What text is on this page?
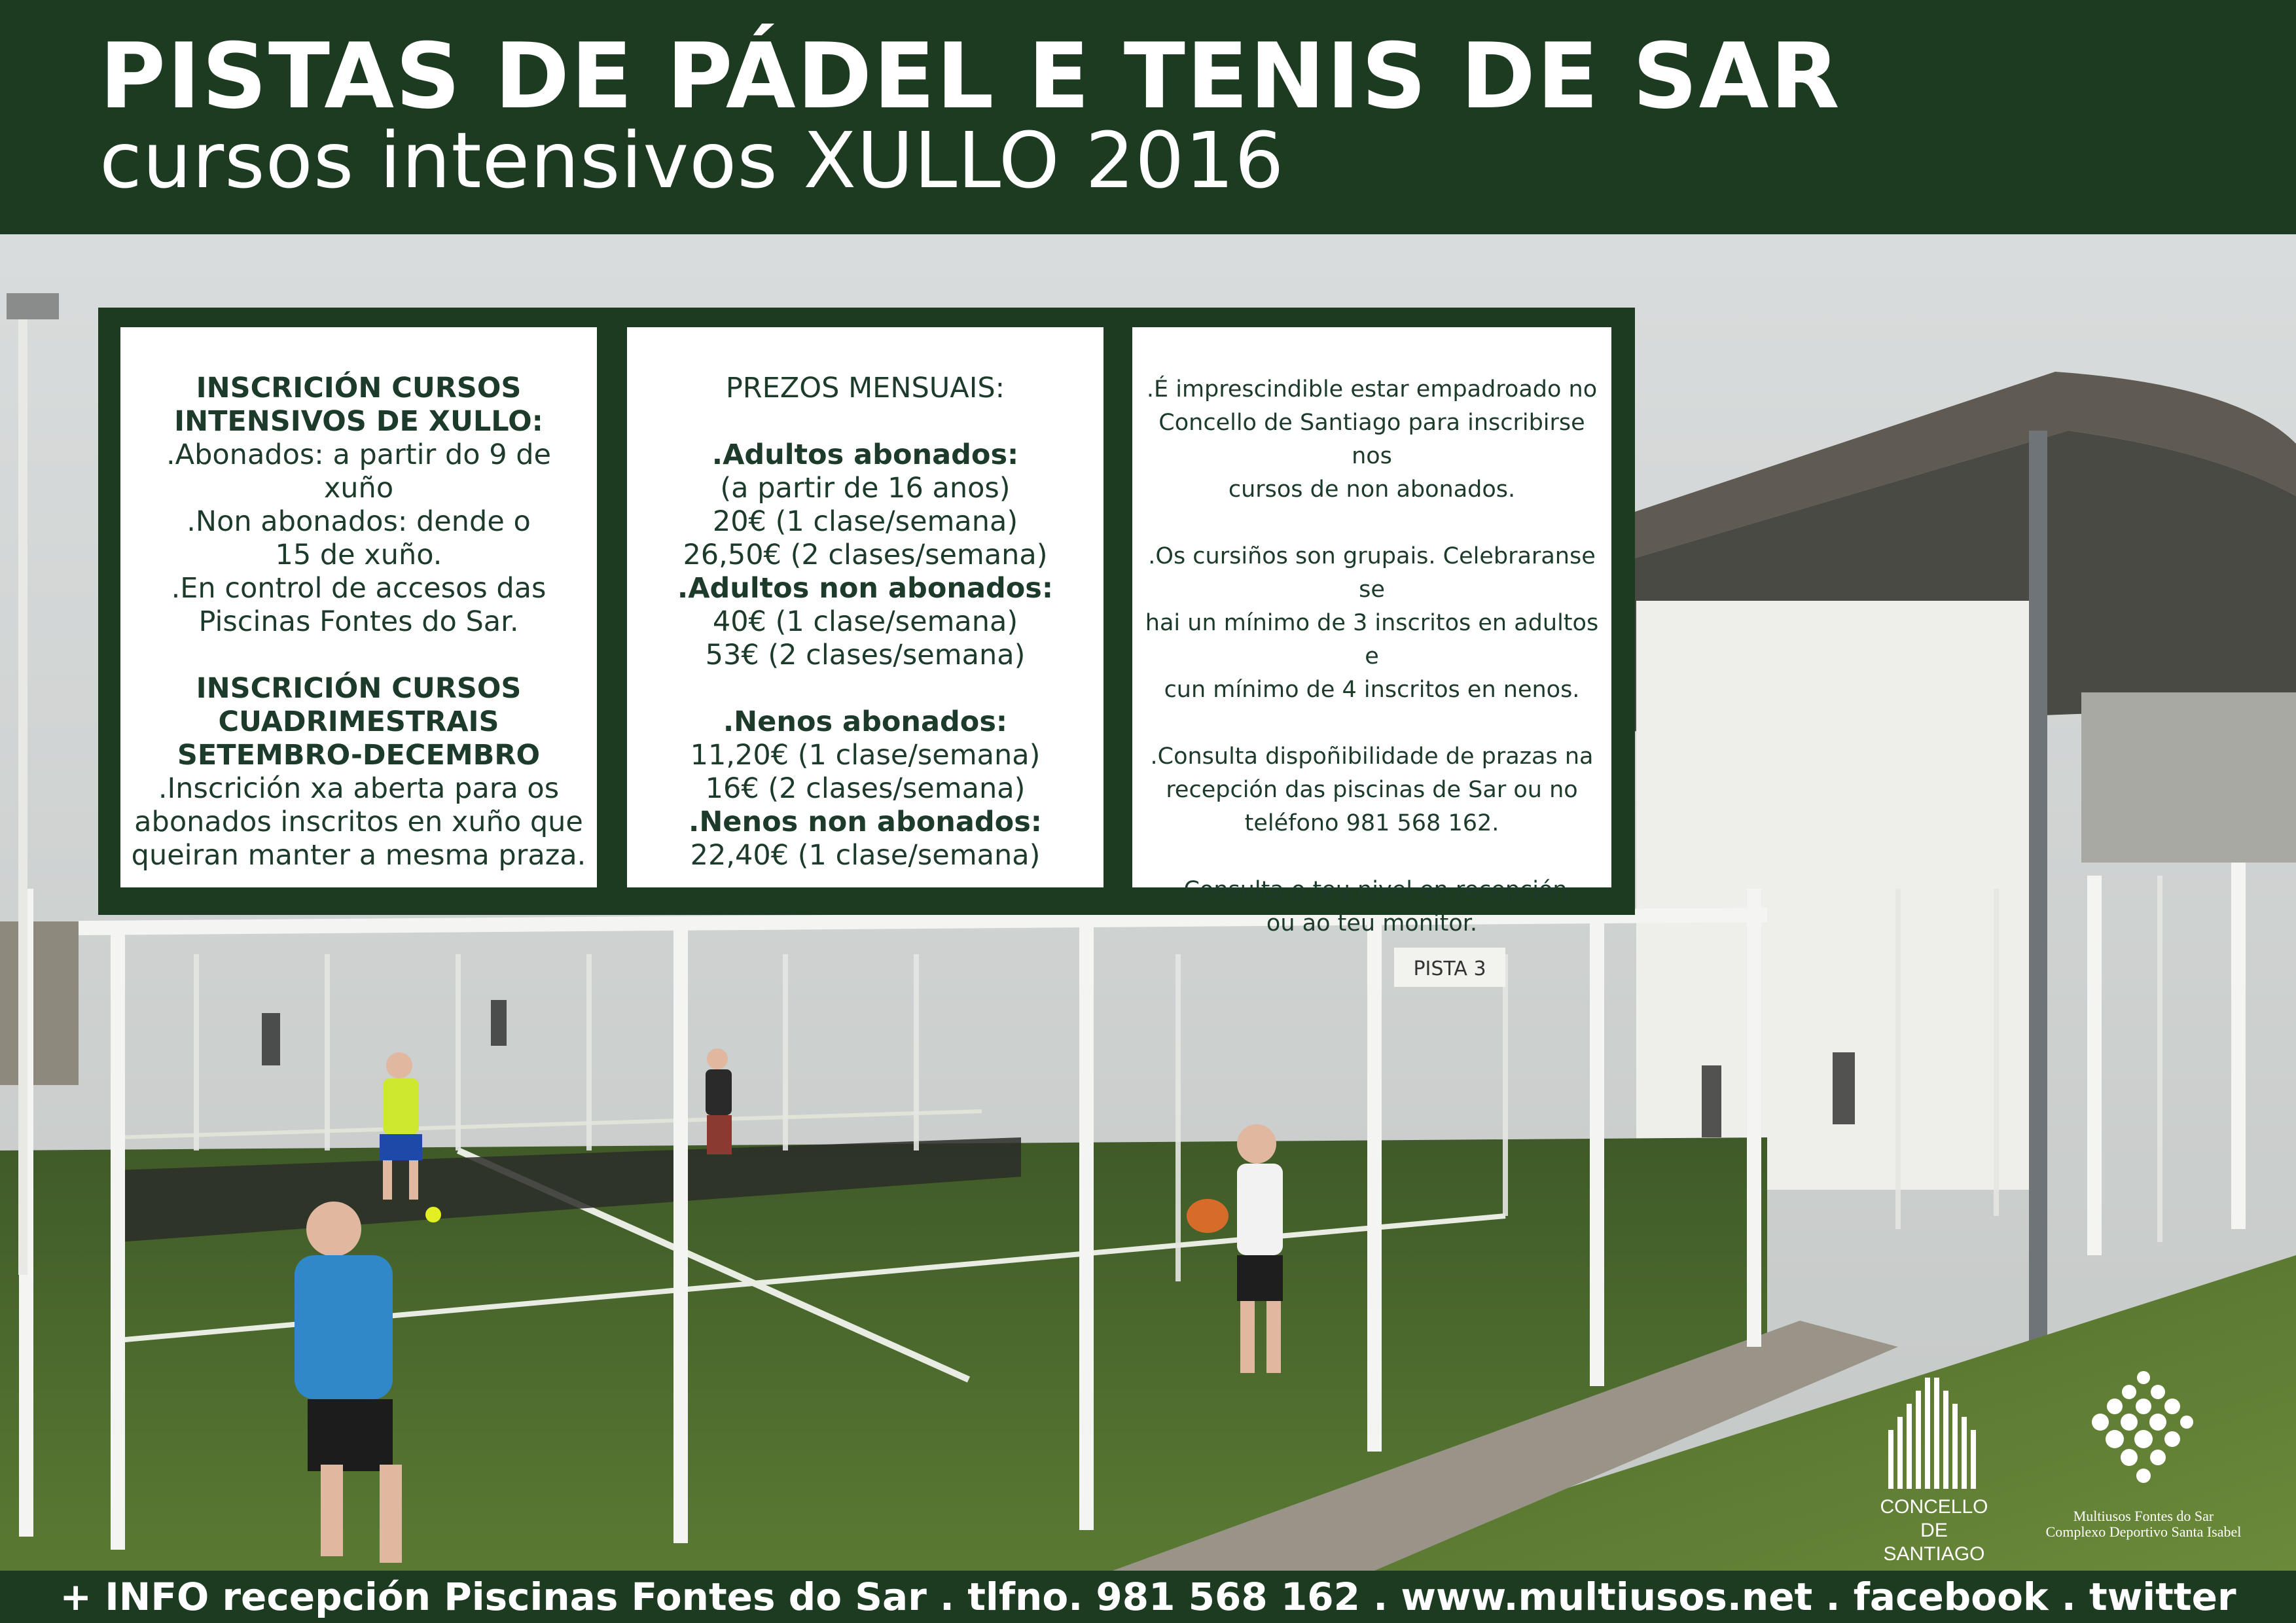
PISTAS DE PÁDEL E TENIS DE SAR
cursos intensivos XULLO 2016
PISTA 3

INSCRICIÓN CURSOS

INTENSIVOS DE XULLO:

.Abonados: a partir do 9 de xuño

.Non abonados: dende o

15 de xuño.

.En control de accesos das

Piscinas Fontes do Sar.

INSCRICIÓN CURSOS

CUADRIMESTRAIS

SETEMBRO-DECEMBRO

.Inscrición xa aberta para os

abonados inscritos en xuño que

queiran manter a mesma praza.

PREZOS MENSUAIS:

.Adultos abonados:

(a partir de 16 anos)

20€ (1 clase/semana)

26,50€ (2 clases/semana)

.Adultos non abonados:

40€ (1 clase/semana)

53€ (2 clases/semana)

.Nenos abonados:

11,20€ (1 clase/semana)

16€ (2 clases/semana)

.Nenos non abonados:

22,40€ (1 clase/semana)

.É imprescindible estar empadroado no

Concello de Santiago para inscribirse nos

cursos de non abonados.

.Os cursiños son grupais. Celebraranse se

hai un mínimo de 3 inscritos en adultos e

cun mínimo de 4 inscritos en nenos.

.Consulta dispoñibilidade de prazas na

recepción das piscinas de Sar ou no

teléfono 981 568 162.

.Consulta o teu nivel en recepción

ou ao teu monitor.

CONCELLO DE
SANTIAGO
Multiusos Fontes do Sar
Complexo Deportivo Santa Isabel
+ INFO recepción Piscinas Fontes do Sar . tlfno. 981 568 162 . www.multiusos.net . facebook . twitter
